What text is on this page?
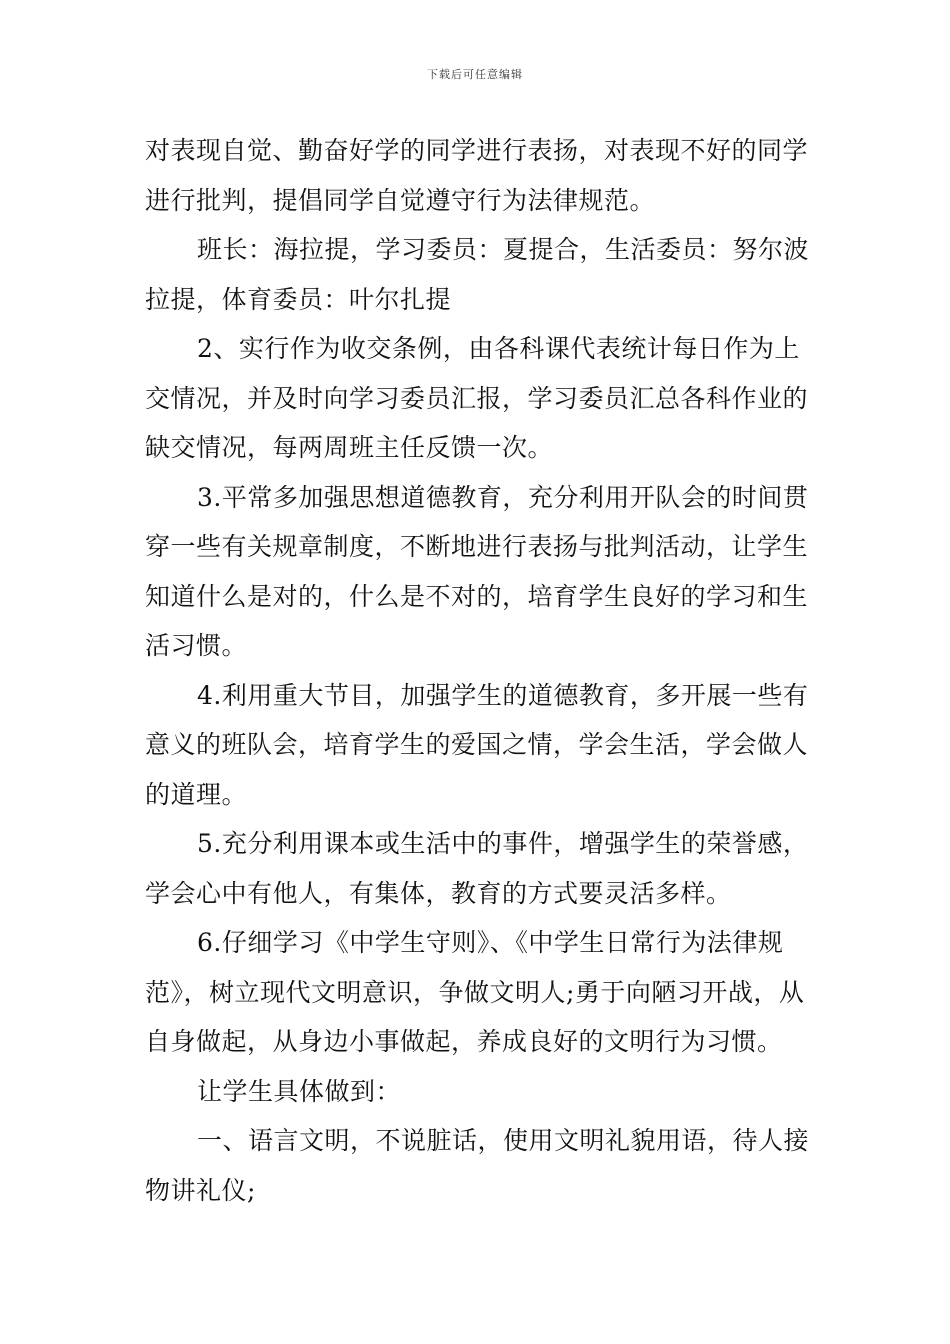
下载后可任意编辑

对表现自觉、勤奋好学的同学进行表扬，对表现不好的同学进行批判，提倡同学自觉遵守行为法律规范。

班长：海拉提，学习委员：夏提合，生活委员：努尔波拉提，体育委员：叶尔扎提

2、实行作为收交条例，由各科课代表统计每日作为上交情况，并及时向学习委员汇报，学习委员汇总各科作业的缺交情况，每两周班主任反馈一次。

3.平常多加强思想道德教育，充分利用开队会的时间贯穿一些有关规章制度，不断地进行表扬与批判活动，让学生知道什么是对的，什么是不对的，培育学生良好的学习和生活习惯。

4.利用重大节目，加强学生的道德教育，多开展一些有意义的班队会，培育学生的爱国之情，学会生活，学会做人的道理。

5.充分利用课本或生活中的事件，增强学生的荣誉感，学会心中有他人，有集体，教育的方式要灵活多样。

6.仔细学习《中学生守则》、《中学生日常行为法律规范》，树立现代文明意识，争做文明人;勇于向陋习开战，从自身做起，从身边小事做起，养成良好的文明行为习惯。

让学生具体做到：

一、语言文明，不说脏话，使用文明礼貌用语，待人接物讲礼仪;
